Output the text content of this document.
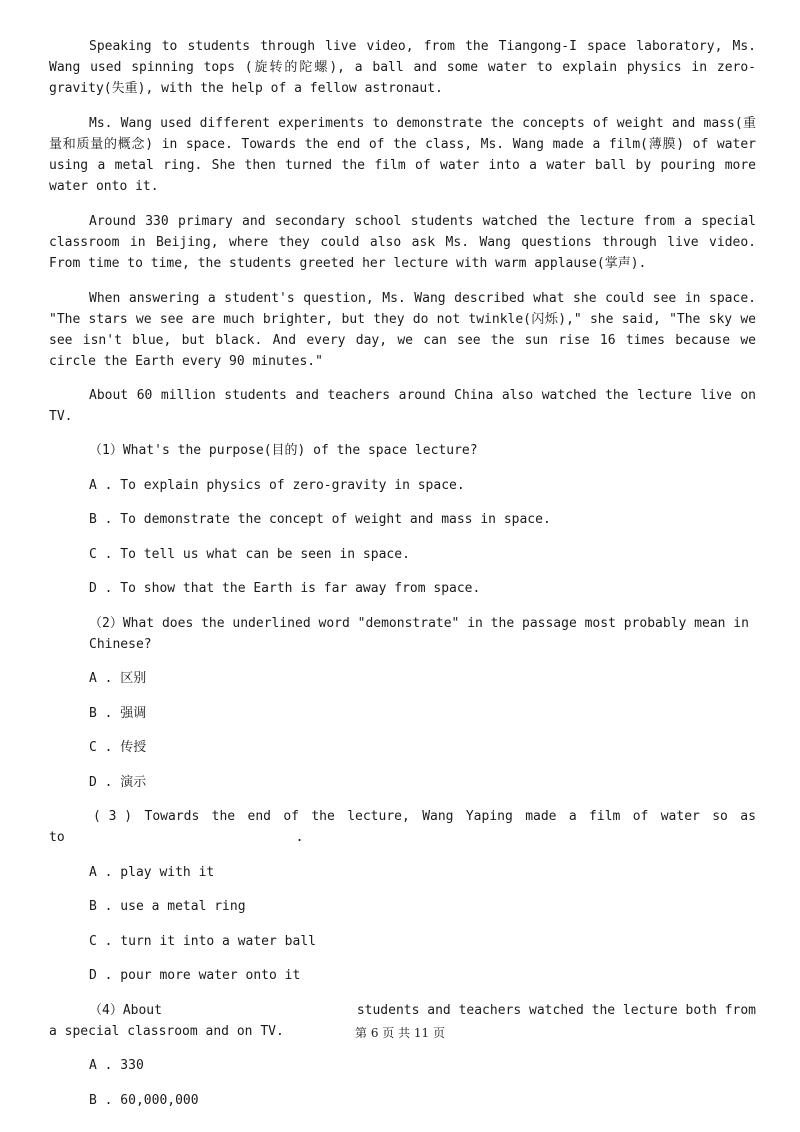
Speaking to students through live video, from the Tiangong-I space laboratory, Ms. Wang used spinning tops (旋转的陀螺), a ball and some water to explain physics in zero-gravity(失重), with the help of a fellow astronaut.

Ms. Wang used different experiments to demonstrate the concepts of weight and mass(重量和质量的概念) in space. Towards the end of the class, Ms. Wang made a film(薄膜) of water using a metal ring. She then turned the film of water into a water ball by pouring more water onto it.

Around 330 primary and secondary school students watched the lecture from a special classroom in Beijing, where they could also ask Ms. Wang questions through live video. From time to time, the students greeted her lecture with warm applause(掌声).

When answering a student's question, Ms. Wang described what she could see in space. "The stars we see are much brighter, but they do not twinkle(闪烁)," she said, "The sky we see isn't blue, but black. And every day, we can see the sun rise 16 times because we circle the Earth every 90 minutes."

About 60 million students and teachers around China also watched the lecture live on TV.

（1）What's the purpose(目的) of the space lecture?
A . To explain physics of zero-gravity in space.
B . To demonstrate the concept of weight and mass in space.
C . To tell us what can be seen in space.
D . To show that the Earth is far away from space.
（2）What does the underlined word "demonstrate" in the passage most probably mean in Chinese?
A . 区别
B . 强调
C . 传授
D . 演示
( 3 ) Towards the end of the lecture, Wang Yaping made a film of water so as
to	.
A . play with it
B . use a metal ring
C . turn it into a water ball
D . pour more water onto it
（4）About	students and teachers watched the lecture both from
a special classroom and on TV.
A . 330
B . 60,000,000
第 6 页 共 11 页
